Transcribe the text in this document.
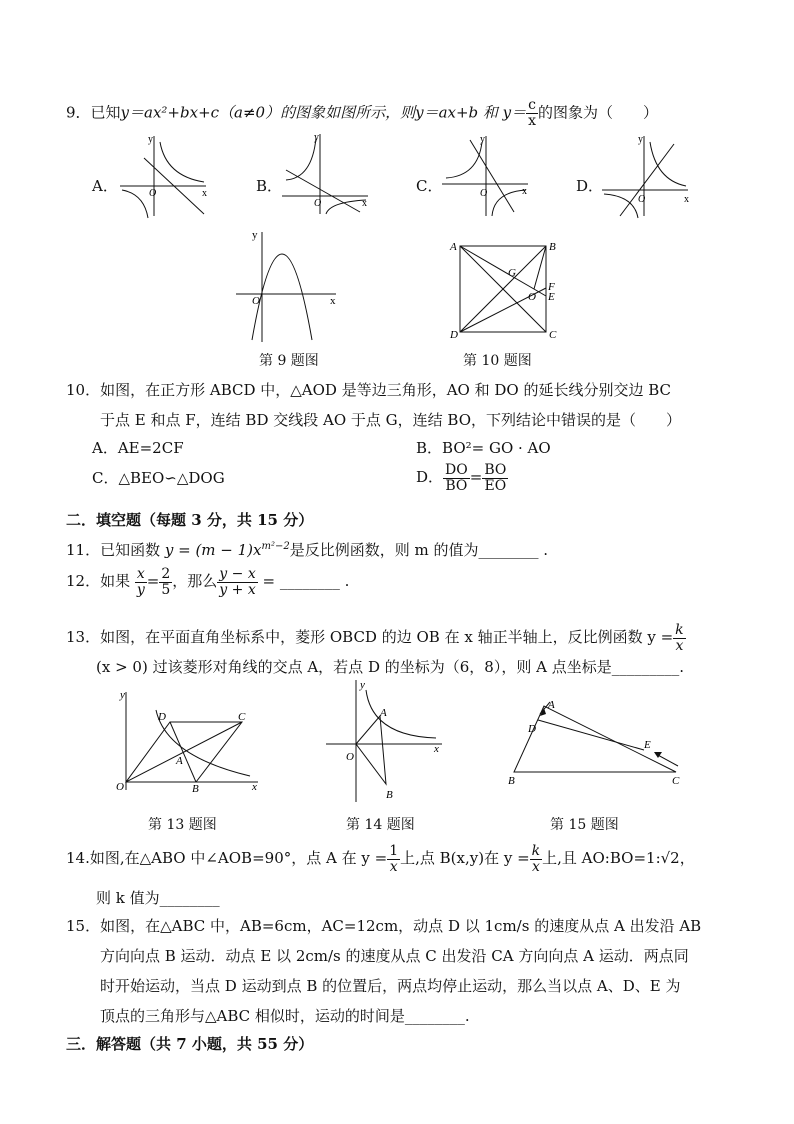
9．已知y＝ax²+bx+c（a≠0）的图象如图所示，则y＝ax+b 和 $y= \frac{c}{x}$ 的图象为（　　）
A．	B．	C．	D．
y
O	x
y
O	x
y
O	x
y
O	x
y
O	x
第 9 题图
A	B
C
D
G
F
E
O
第 10 题图
10．如图，在正方形 ABCD 中，△AOD 是等边三角形，AO 和 DO 的延长线分别交边 BC
于点 E 和点 F，连结 BD 交线段 AO 于点 G，连结 BO，下列结论中错误的是（　　）
A．AE=2CF	B．BO²= GO · AO
C．△BEO∽△DOG	D． $\frac{DO}{BO} = \frac{BO}{EO}$
二．填空题（每题 3 分，共 15 分）
11．已知函数 $y = (m - 1)x^{m^2-2}$是反比例函数，则 m 的值为________ .
12．如果 $\frac{x}{y} = \frac{2}{5}$ ，那么 $\frac{y - x}{y + x}$ = ________ .
13．如图，在平面直角坐标系中，菱形 OBCD 的边 OB 在 x 轴正半轴上，反比例函数 $y = \frac{k}{x}$
(x > 0) 过该菱形对角线的交点 A，若点 D 的坐标为（6，8），则 A 点坐标是_________.
y
O	x
D	C
A
B
第 13 题图
y
O
x
A
B
第 14 题图
A
D
B	C
E
第 15 题图
14.如图,在△ABO 中∠AOB=90°，点 A 在 $y = \frac{1}{x}$ 上,点 B(x,y)在 $y = \frac{k}{x}$ 上,且 AO:BO=1:√2，
则 k 值为________
15．如图，在△ABC 中，AB=6cm，AC=12cm，动点 D 以 1cm/s 的速度从点 A 出发沿 AB
方向向点 B 运动．动点 E 以 2cm/s 的速度从点 C 出发沿 CA 方向向点 A 运动．两点同
时开始运动，当点 D 运动到点 B 的位置后，两点均停止运动，那么当以点 A、D、E 为
顶点的三角形与△ABC 相似时，运动的时间是________.
三．解答题（共 7 小题，共 55 分）
